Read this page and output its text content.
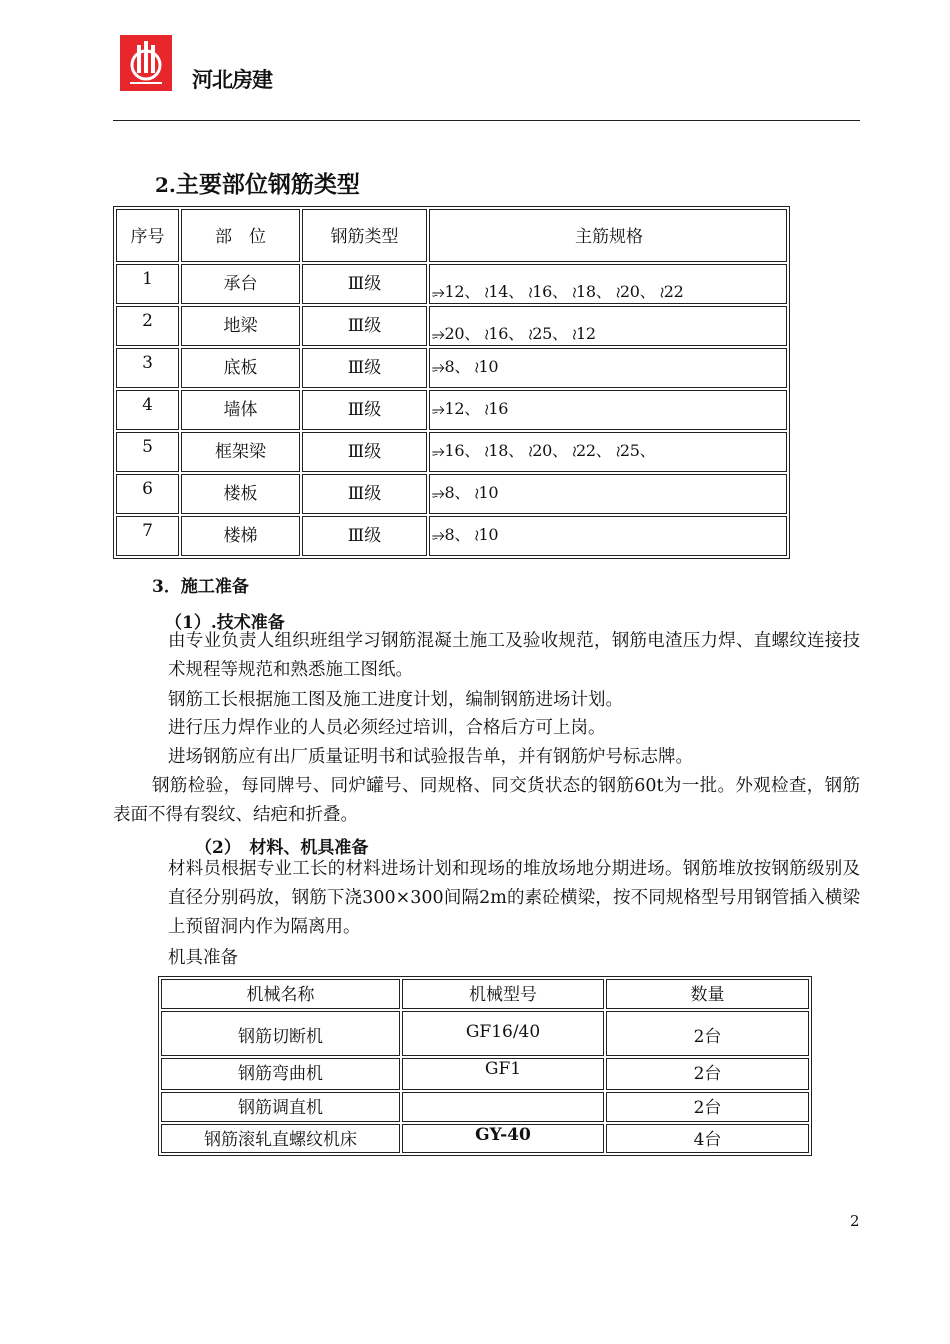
河北房建
2.主要部位钢筋类型
序号	部　位	钢筋类型	主筋规格
1	承台	Ⅲ级	⭌12、 ≀14、 ≀16、 ≀18、 ≀20、 ≀22
2	地梁	Ⅲ级	⭌20、 ≀16、 ≀25、 ≀12
3	底板	Ⅲ级	⭌8、 ≀10
4	墙体	Ⅲ级	⭌12、 ≀16
5	框架梁	Ⅲ级	⭌16、 ≀18、 ≀20、 ≀22、 ≀25、
6	楼板	Ⅲ级	⭌8、 ≀10
7	楼梯	Ⅲ级	⭌8、 ≀10
3．施工准备
（1）.技术准备
由专业负责人组织班组学习钢筋混凝土施工及验收规范，钢筋电渣压力焊、直螺纹连接技术规程等规范和熟悉施工图纸。
钢筋工长根据施工图及施工进度计划，编制钢筋进场计划。
进行压力焊作业的人员必须经过培训，合格后方可上岗。
进场钢筋应有出厂质量证明书和试验报告单，并有钢筋炉号标志牌。
钢筋检验，每同牌号、同炉罐号、同规格、同交货状态的钢筋60t为一批。外观检查，钢筋表面不得有裂纹、结疤和折叠。
（2）　材料、机具准备
材料员根据专业工长的材料进场计划和现场的堆放场地分期进场。钢筋堆放按钢筋级别及直径分别码放，钢筋下浇300×300间隔2m的素砼横梁，按不同规格型号用钢管插入横梁上预留洞内作为隔离用。
机具准备
机械名称	机械型号	数量
钢筋切断机	GF16/40	2台
钢筋弯曲机	GF1	2台
钢筋调直机		2台
钢筋滚轧直螺纹机床	GY-40	4台
2
